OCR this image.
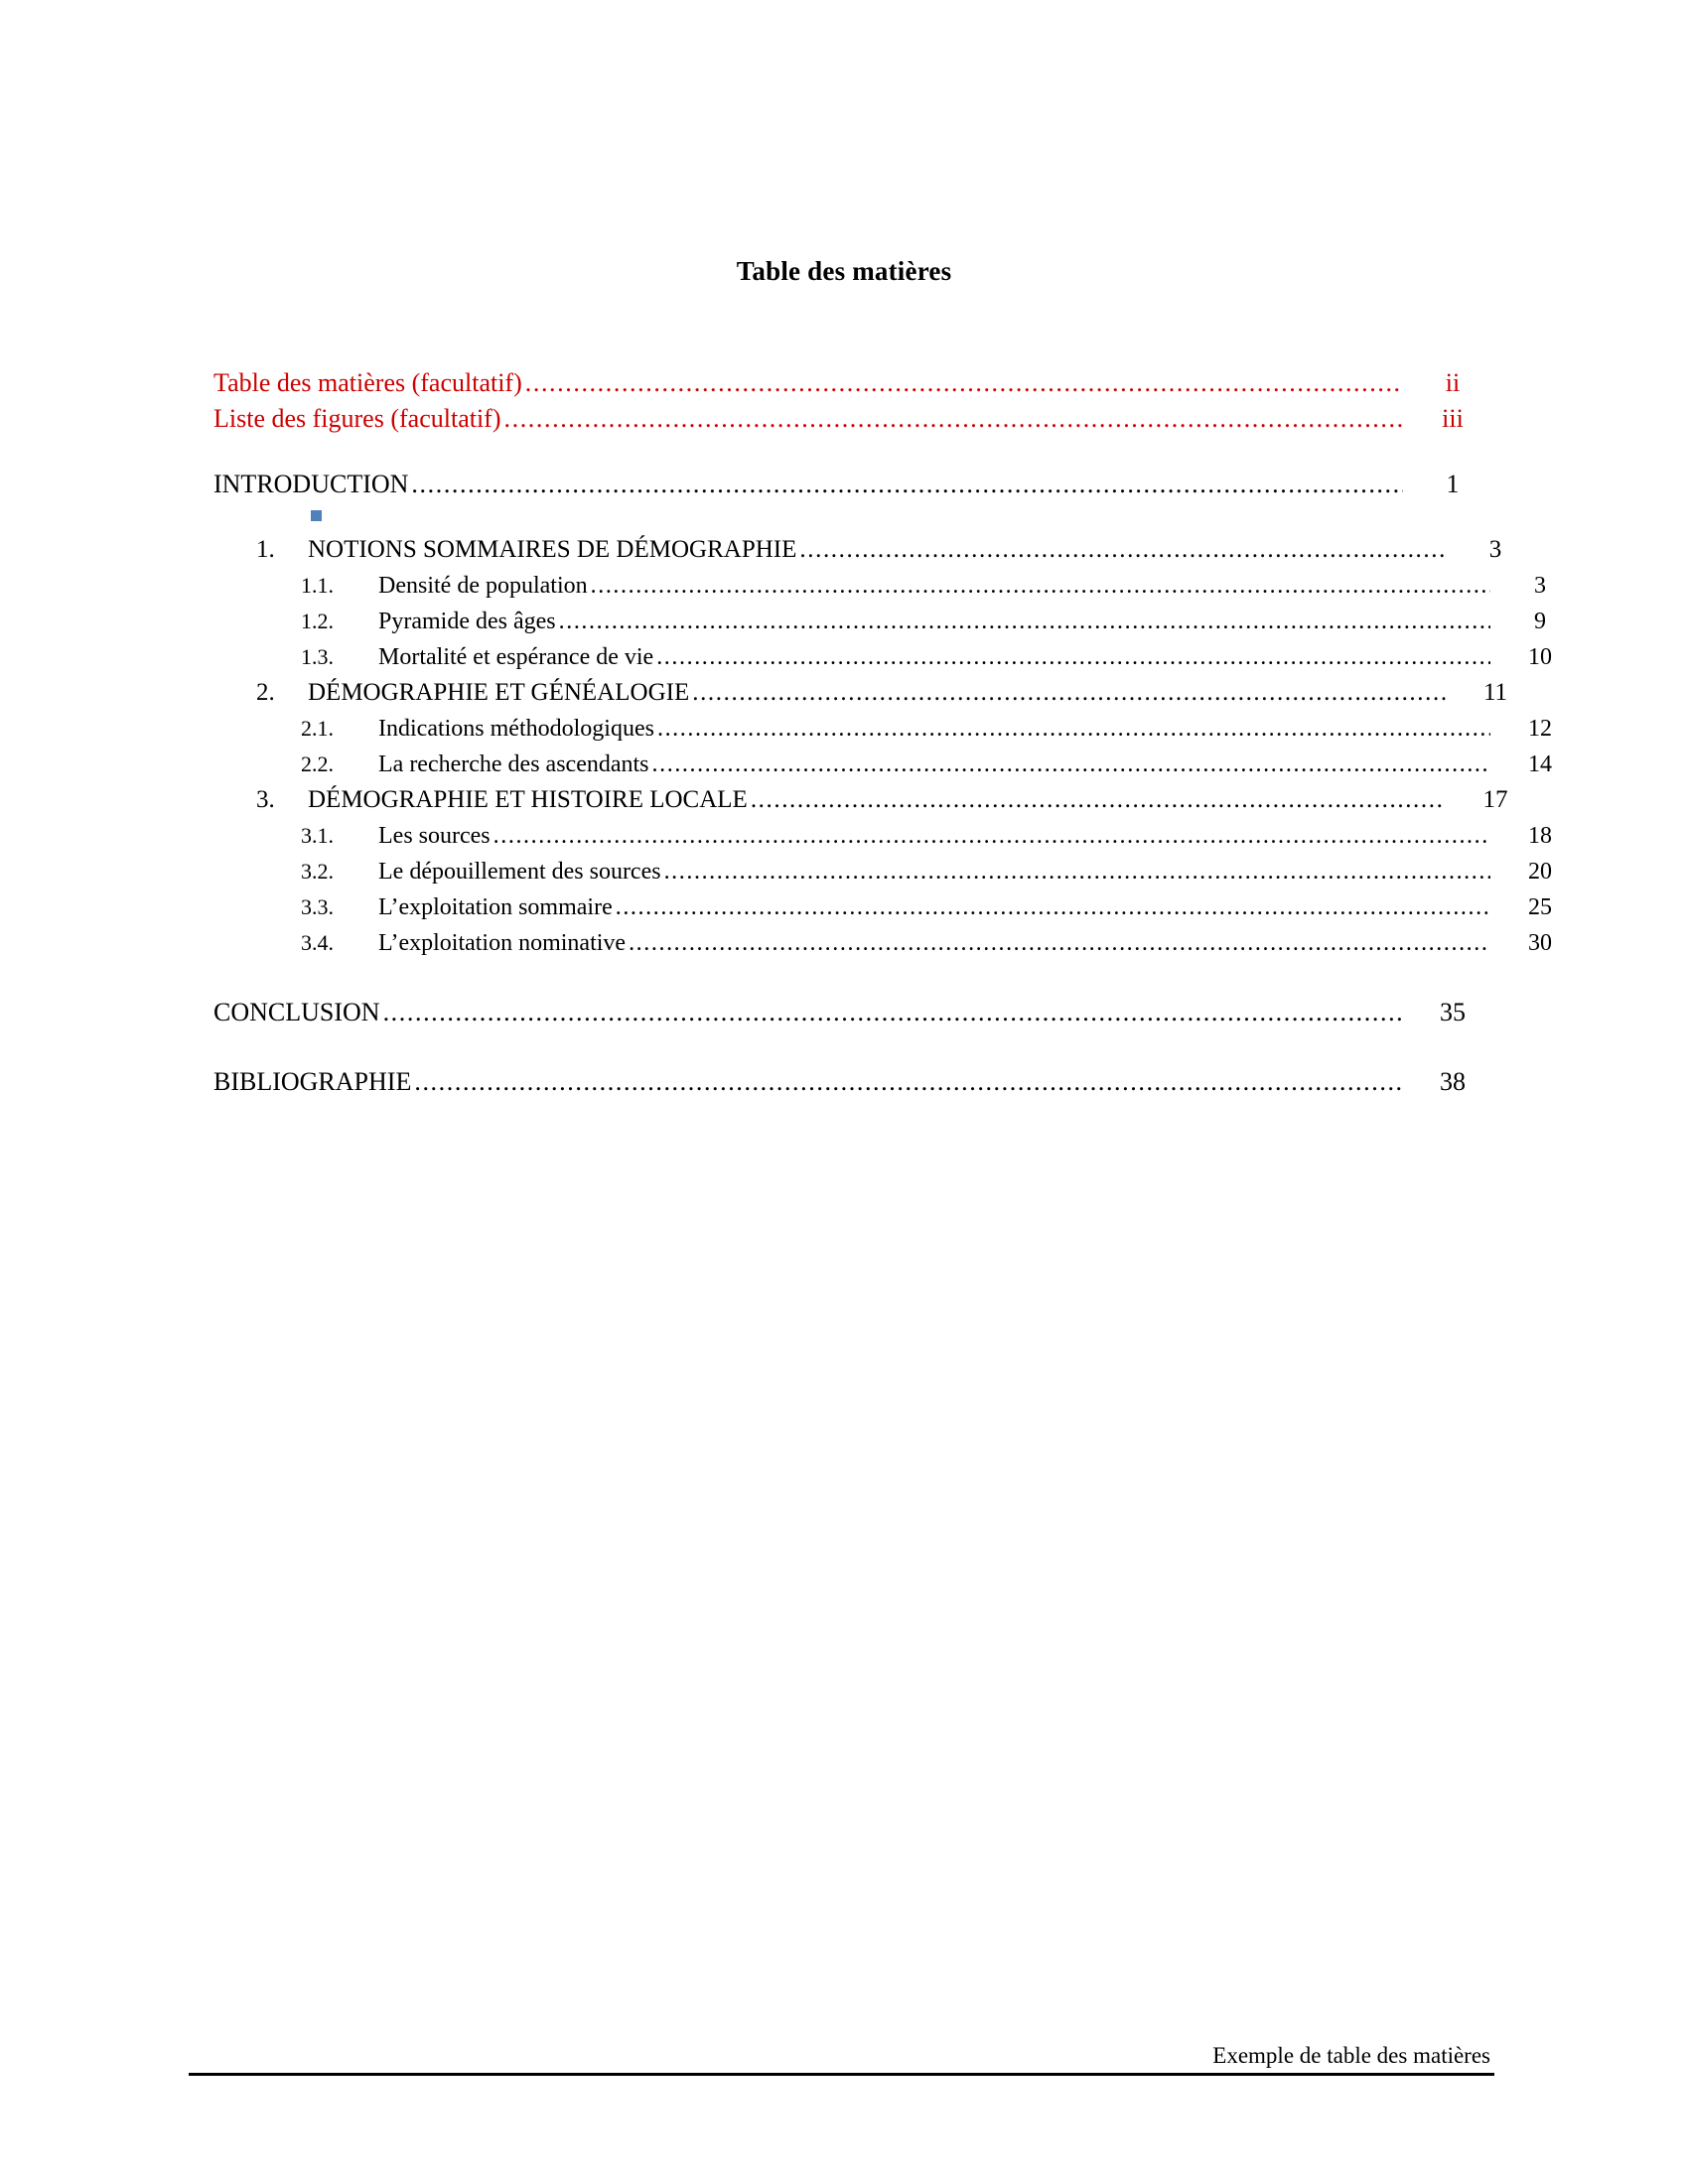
Table des matières
Table des matières (facultatif) .....	ii
Liste des figures (facultatif) .....	iii
INTRODUCTION .....	1
1.	NOTIONS SOMMAIRES DE DÉMOGRAPHIE .....	3
1.1.	Densité de population .....	3
1.2.	Pyramide des âges .....	9
1.3.	Mortalité et espérance de vie .....	10
2.	DÉMOGRAPHIE ET GÉNÉALOGIE .....	11
2.1.	Indications méthodologiques .....	12
2.2.	La recherche des ascendants .....	14
3.	DÉMOGRAPHIE ET HISTOIRE LOCALE .....	17
3.1.	Les sources .....	18
3.2.	Le dépouillement des sources .....	20
3.3.	L’exploitation sommaire .....	25
3.4.	L’exploitation nominative .....	30
CONCLUSION .....	35
BIBLIOGRAPHIE .....	38
Exemple de table des matières
